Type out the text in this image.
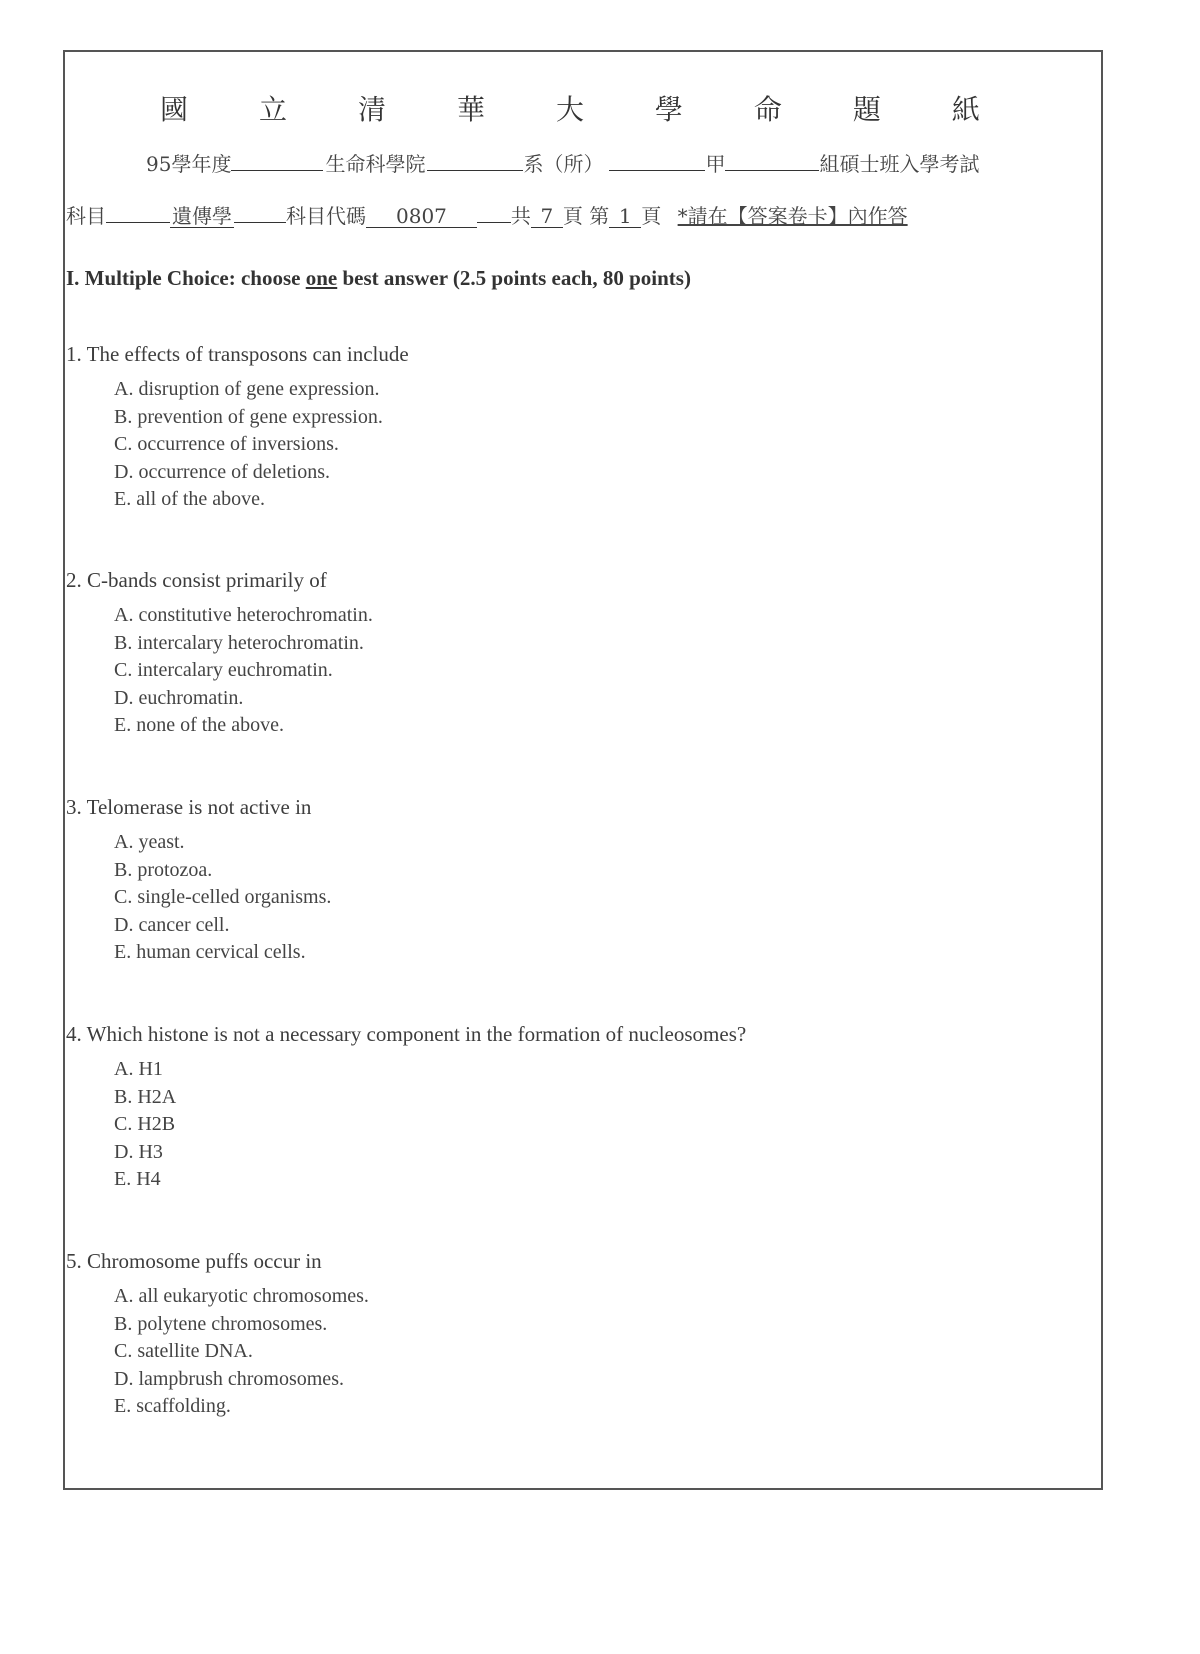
國	立	清	華	大	學	命	題	紙
95學年度	生命科學院	系（所）	甲	組碩士班入學考試
科目	遺傳學	科目代碼 0807	共 7 頁 第 1 頁 *請在【答案卷卡】內作答
I. Multiple Choice: choose one best answer (2.5 points each, 80 points)
1. The effects of transposons can include
A. disruption of gene expression.
B. prevention of gene expression.
C. occurrence of inversions.
D. occurrence of deletions.
E. all of the above.
2. C-bands consist primarily of
A. constitutive heterochromatin.
B. intercalary heterochromatin.
C. intercalary euchromatin.
D. euchromatin.
E. none of the above.
3. Telomerase is not active in
A. yeast.
B. protozoa.
C. single-celled organisms.
D. cancer cell.
E. human cervical cells.
4. Which histone is not a necessary component in the formation of nucleosomes?
A. H1
B. H2A
C. H2B
D. H3
E. H4
5. Chromosome puffs occur in
A. all eukaryotic chromosomes.
B. polytene chromosomes.
C. satellite DNA.
D. lampbrush chromosomes.
E. scaffolding.
